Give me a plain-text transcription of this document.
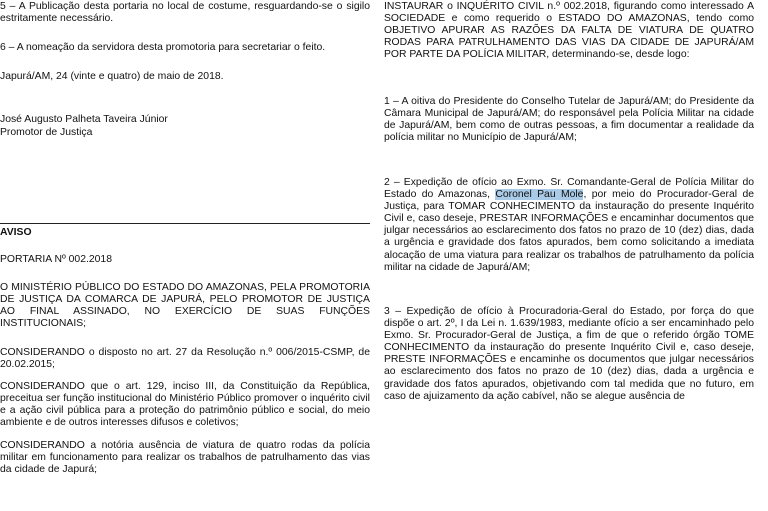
5 – A Publicação desta portaria no local de costume, resguardando-se o sigilo estritamente necessário.

6 – A nomeação da servidora desta promotoria para secretariar o feito.

Japurá/AM, 24 (vinte e quatro) de maio de 2018.

José Augusto Palheta Taveira Júnior

Promotor de Justiça

AVISO

PORTARIA Nº 002.2018

O MINISTÉRIO PÚBLICO DO ESTADO DO AMAZONAS, PELA PROMOTORIA DE JUSTIÇA DA COMARCA DE JAPURÁ, PELO PROMOTOR DE JUSTIÇA AO FINAL ASSINADO, NO EXERCÍCIO DE SUAS FUNÇÕES INSTITUCIONAIS;

CONSIDERANDO o disposto no art. 27 da Resolução n.º 006/2015-CSMP, de 20.02.2015;

CONSIDERANDO que o art. 129, inciso III, da Constituição da República, preceitua ser função institucional do Ministério Público promover o inquérito civil e a ação civil pública para a proteção do patrimônio público e social, do meio ambiente e de outros interesses difusos e coletivos;

CONSIDERANDO a notória ausência de viatura de quatro rodas da polícia militar em funcionamento para realizar os trabalhos de patrulhamento das vias da cidade de Japurá;

INSTAURAR o INQUÉRITO CIVIL n.º 002.2018, figurando como interessado A SOCIEDADE e como requerido o ESTADO DO AMAZONAS, tendo como OBJETIVO APURAR AS RAZÕES DA FALTA DE VIATURA DE QUATRO RODAS PARA PATRULHAMENTO DAS VIAS DA CIDADE DE JAPURÁ/AM POR PARTE DA POLÍCIA MILITAR, determinando-se, desde logo:

1 – A oitiva do Presidente do Conselho Tutelar de Japurá/AM; do Presidente da Câmara Municipal de Japurá/AM; do responsável pela Polícia Militar na cidade de Japurá/AM, bem como de outras pessoas, a fim documentar a realidade da polícia militar no Município de Japurá/AM;

2 – Expedição de ofício ao Exmo. Sr. Comandante-Geral de Polícia Militar do Estado do Amazonas, Coronel Pau Mole, por meio do Procurador-Geral de Justiça, para TOMAR CONHECIMENTO da instauração do presente Inquérito Civil e, caso deseje, PRESTAR INFORMAÇÕES e encaminhar documentos que julgar necessários ao esclarecimento dos fatos no prazo de 10 (dez) dias, dada a urgência e gravidade dos fatos apurados, bem como solicitando a imediata alocação de uma viatura para realizar os trabalhos de patrulhamento da polícia militar na cidade de Japurá/AM;

3 – Expedição de ofício à Procuradoria-Geral do Estado, por força do que dispõe o art. 2º, I da Lei n. 1.639/1983, mediante ofício a ser encaminhado pelo Exmo. Sr. Procurador-Geral de Justiça, a fim de que o referido órgão TOME CONHECIMENTO da instauração do presente Inquérito Civil e, caso deseje, PRESTE INFORMAÇÕES e encaminhe os documentos que julgar necessários ao esclarecimento dos fatos no prazo de 10 (dez) dias, dada a urgência e gravidade dos fatos apurados, objetivando com tal medida que no futuro, em caso de ajuizamento da ação cabível, não se alegue ausência de
